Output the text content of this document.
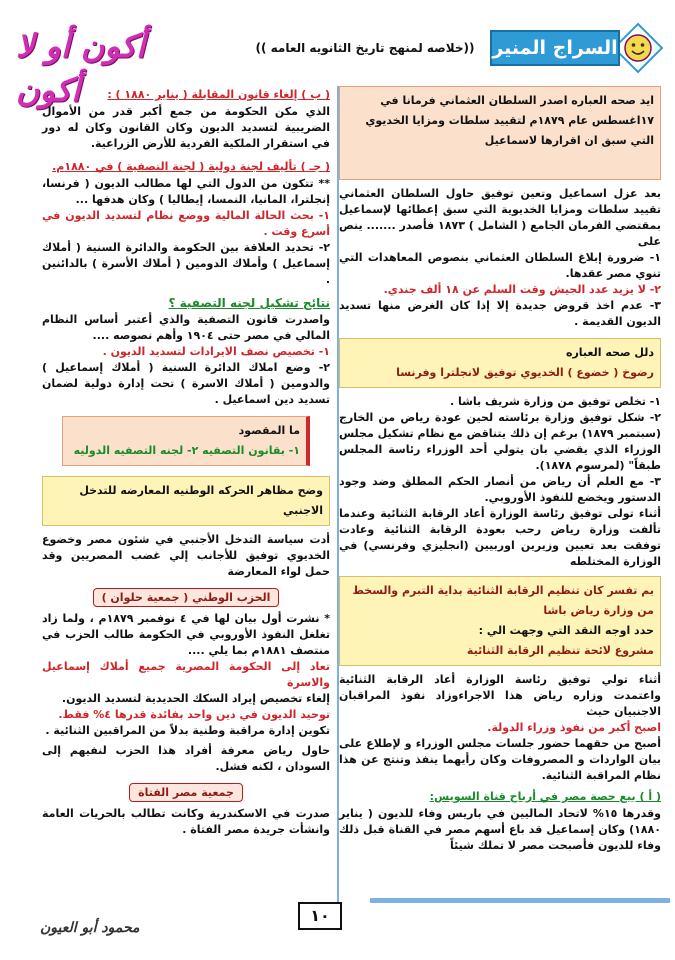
السراج المنير
((خلاصه لمنهج تاريخ الثانويه العامه ))
أكون أو لا أكون	ايد صحه العباره اصدر السلطان العثماني فرمانا في ١٧اغسطس عام ١٨٧٩م لتقييد سلطات ومزايا الخديوي التي سبق ان اقرارها لاسماعيل
بعد عزل اسماعيل وتعين توفيق حاول السلطان العثماني تقييد سلطات ومزايا الخديوية التي سبق إعطائها لإسماعيل بمقتضي الفرمان الجامع ( الشامل ) ١٨٧٣ فأصدر ....... ينص على
١- ضرورة إبلاغ السلطان العثماني بنصوص المعاهدات التي تنوي مصر عقدها.
٢- لا يزيد عدد الجيش وقت السلم عن ١٨ ألف جندي.
٣- عدم اخذ قروض جديدة إلا إذا كان الغرض منها تسديد الديون القديمة .
دلل صحه العباره
رضوخ ( خضوع ) الخديوي توفيق لانجلترا وفرنسا
١- تخلص توفيق من وزارة شريف باشا .
٢- شكل توفيق وزارة برئاسته لحين عودة رياض من الخارج (سبتمبر ١٨٧٩) برغم إن ذلك يتناقض مع نظام تشكيل مجلس الوزراء الذي يقضي بان يتولي أحد الوزراء رئاسة المجلس طبقاً" (لمرسوم ١٨٧٨).
٣- مع العلم أن رياض من أنصار الحكم المطلق وضد وجود الدستور ويخضع للنفوذ الأوروبي.
أثناء تولى توفيق رئاسة الوزارة أعاد الرقابة الثنائية وعندما تألفت وزارة رياض رحب بعودة الرقابة الثنائية وعادت توفقت بعد تعيين وزيرين اوربيين (انجليزي وفرنسي) في الوزارة المختلطه
بم تفسر كان تنظيم الرقابة الثنائية بداية التبرم والسخط من وزارة رياض باشا
حدد اوجه النقد التي وجهت الي :
مشروع لائحة تنظيم الرقابة الثنائية
أثناء تولي توفيق رئاسة الوزارة أعاد الرقابة الثنائية واعتمدت وزاره رياض هذا الاجراءوزاد نفوذ المراقبان الاجنبيان حيث
اصبح أكبر من نفوذ وزراء الدولة.
أصبح من حقهما حضور جلسات مجلس الوزراء و لإطلاع على بيان الواردات و المصروفات وكان رأيهما ينفذ وتنتج عن هذا نظام المراقبة الثنائية.
( أ ) بيع حصة مصر في أرباح قناة السويس:
وقدرها ١٥% لاتحاد الماليين في باريس وفاء للديون ( يناير ١٨٨٠) وكان إسماعيل قد باع أسهم مصر في القناة قبل ذلك وفاء للديون فأصبحت مصر لا تملك شيئاً
( ب ) إلغاء قانون المقابلة ( يناير ١٨٨٠ ) :
الذي مكن الحكومة من جمع أكبر قدر من الأموال الضريبية لتسديد الديون وكان القانون وكان له دور في استقرار الملكية الفردية للأرض الزراعية.
( جـ ) تأليف لجنة دولية ( لجنة التصفية ) في ١٨٨٠م.
** تتكون من الدول التي لها مطالب الديون ( فرنسا، إنجلترا، المانيا، النمسا، إيطاليا ) وكان هدفها ...
١- بحث الحالة المالية ووضع نظام لتسديد الديون في أسرع وقت .
٢- تحديد العلاقة بين الحكومة والدائرة السنية ( أملاك إسماعيل ) وأملاك الدومين ( أملاك الأسرة ) بالدائنين .
نتائج تشكيل لجنه التصفية ؟
واصدرت قانون التصفية والذي أعتبر أساس النظام المالي في مصر حتى ١٩٠٤ وأهم نصوصه ....
١- تخصيص نصف الايرادات لتسديد الديون .
٢- وضع املاك الدائرة السنية ( أملاك إسماعيل ) والدومين ( أملاك الاسرة ) تحت إدارة دولية لضمان تسديد دين اسماعيل .
ما المقصود
١- بقانون التصفيه ٢- لجنه التصفيه الدوليه
وضح مظاهر الحركه الوطنيه المعارضه للتدخل الاجنبي
أدت سياسة التدخل الأجنبي في شئون مصر وخضوع الخديوي توفيق للأجانب إلي غضب المصريين وقد حمل لواء المعارضة
الحزب الوطني ( جمعية حلوان )
* نشرت أول بيان لها في ٤ نوفمبر ١٨٧٩م ، ولما زاد تغلغل النفوذ الأوروبي في الحكومة طالب الحزب في منتصف ١٨٨١م بما يلي ....
تعاد إلى الحكومة المصرية جميع أملاك إسماعيل والاسرة
إلغاء تخصيص إيراد السكك الحديدية لتسديد الديون.
توحيد الديون في دين واحد بفائدة قدرها ٤% فقط.
تكوين إدارة مراقبة وطنية بدلاً من المراقبين الثنائية .
حاول رياض معرفة أفراد هذا الحزب لنفيهم إلى السودان ، لكنه فشل.
جمعية مصر الفتاة
صدرت في الاسكندرية وكانت تطالب بالحريات العامة وانشأت جريدة مصر الفتاة .
١٠
محمود أبو العيون
